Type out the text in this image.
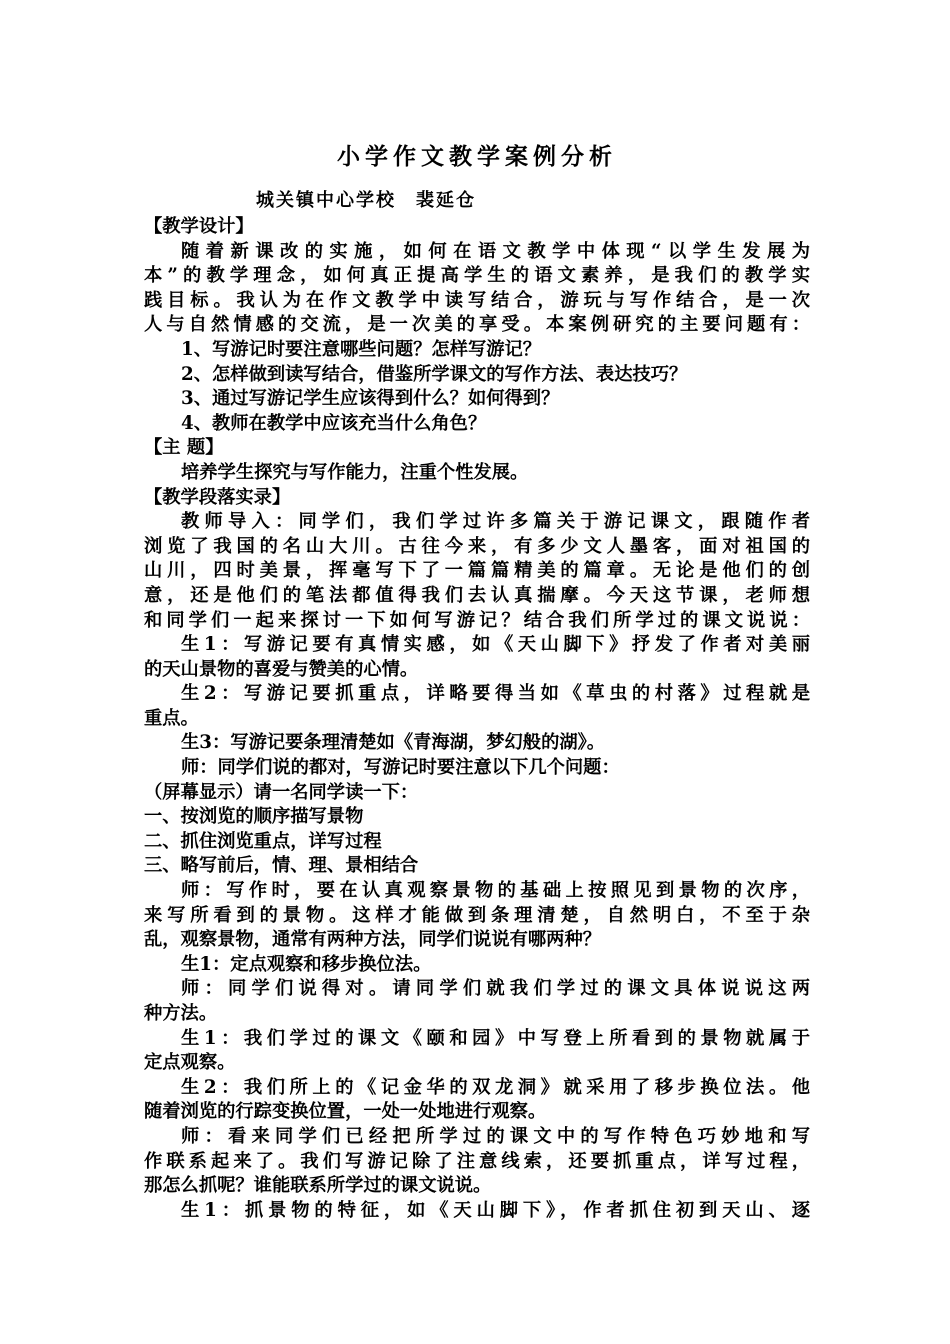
小学作文教学案例分析
城关镇中心学校　裴延仓
【教学设计】
随着新课改的实施，如何在语文教学中体现“以学生发展为
本”的教学理念，如何真正提高学生的语文素养，是我们的教学实
践目标。我认为在作文教学中读写结合，游玩与写作结合，是一次
人与自然情感的交流，是一次美的享受。本案例研究的主要问题有：
1、写游记时要注意哪些问题？怎样写游记？
2、怎样做到读写结合，借鉴所学课文的写作方法、表达技巧？
3、通过写游记学生应该得到什么？如何得到？
4、教师在教学中应该充当什么角色？
【主 题】
培养学生探究与写作能力，注重个性发展。
【教学段落实录】
教师导入：同学们，我们学过许多篇关于游记课文，跟随作者
浏览了我国的名山大川。古往今来，有多少文人墨客，面对祖国的
山川，四时美景，挥毫写下了一篇篇精美的篇章。无论是他们的创
意，还是他们的笔法都值得我们去认真揣摩。今天这节课，老师想
和同学们一起来探讨一下如何写游记？结合我们所学过的课文说说：
生1：写游记要有真情实感，如《天山脚下》抒发了作者对美丽
的天山景物的喜爱与赞美的心情。
生2：写游记要抓重点，详略要得当如《草虫的村落》过程就是
重点。
生3：写游记要条理清楚如《青海湖，梦幻般的湖》。
师：同学们说的都对，写游记时要注意以下几个问题：
（屏幕显示）请一名同学读一下：
一、按浏览的顺序描写景物
二、抓住浏览重点，详写过程
三、略写前后，情、理、景相结合
师：写作时，要在认真观察景物的基础上按照见到景物的次序，
来写所看到的景物。这样才能做到条理清楚，自然明白，不至于杂
乱，观察景物，通常有两种方法，同学们说说有哪两种？
生1：定点观察和移步换位法。
师：同学们说得对。请同学们就我们学过的课文具体说说这两
种方法。
生1：我们学过的课文《颐和园》中写登上所看到的景物就属于
定点观察。
生2：我们所上的《记金华的双龙洞》就采用了移步换位法。他
随着浏览的行踪变换位置，一处一处地进行观察。
师：看来同学们已经把所学过的课文中的写作特色巧妙地和写
作联系起来了。我们写游记除了注意线索，还要抓重点，详写过程，
那怎么抓呢？谁能联系所学过的课文说说。
生1：抓景物的特征，如《天山脚下》，作者抓住初到天山、逐
